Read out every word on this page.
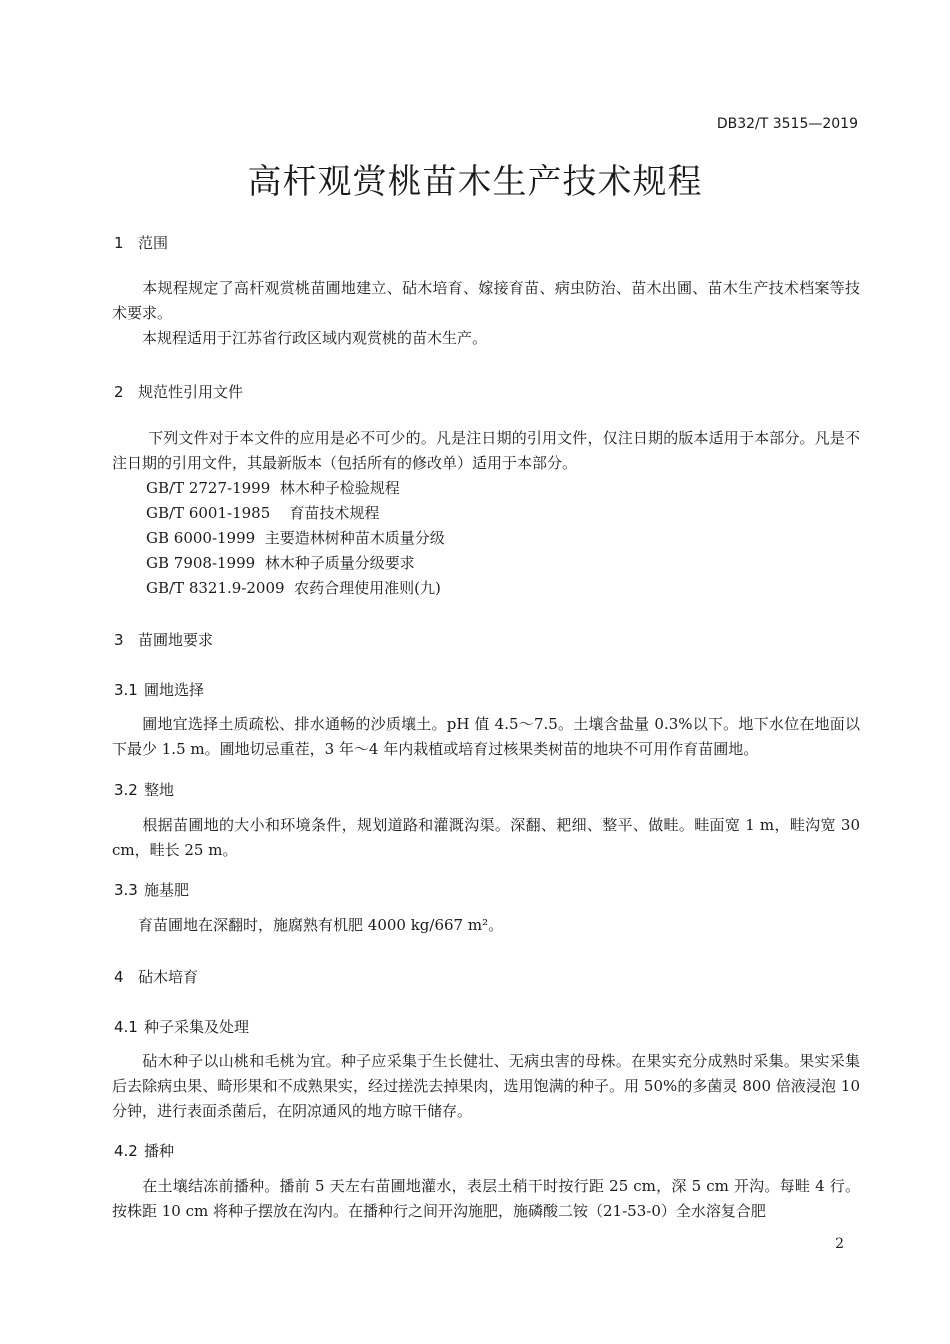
DB32/T 3515—2019
高杆观赏桃苗木生产技术规程
1 范围
本规程规定了高杆观赏桃苗圃地建立、砧木培育、嫁接育苗、病虫防治、苗木出圃、苗木生产技术档案等技术要求。
本规程适用于江苏省行政区域内观赏桃的苗木生产。
2 规范性引用文件
下列文件对于本文件的应用是必不可少的。凡是注日期的引用文件，仅注日期的版本适用于本部分。凡是不注日期的引用文件，其最新版本（包括所有的修改单）适用于本部分。
GB/T 2727-1999  林木种子检验规程
GB/T 6001-1985    育苗技术规程
GB 6000-1999  主要造林树种苗木质量分级
GB 7908-1999  林木种子质量分级要求
GB/T 8321.9-2009  农药合理使用准则(九)
3 苗圃地要求
3.1 圃地选择
圃地宜选择土质疏松、排水通畅的沙质壤土。pH 值 4.5～7.5。土壤含盐量 0.3%以下。地下水位在地面以下最少 1.5 m。圃地切忌重茬，3 年～4 年内栽植或培育过核果类树苗的地块不可用作育苗圃地。
3.2 整地
根据苗圃地的大小和环境条件，规划道路和灌溉沟渠。深翻、耙细、整平、做畦。畦面宽 1 m，畦沟宽 30 cm，畦长 25 m。
3.3 施基肥
育苗圃地在深翻时，施腐熟有机肥 4000 kg/667 m²。
4 砧木培育
4.1 种子采集及处理
砧木种子以山桃和毛桃为宜。种子应采集于生长健壮、无病虫害的母株。在果实充分成熟时采集。果实采集后去除病虫果、畸形果和不成熟果实，经过搓洗去掉果肉，选用饱满的种子。用 50%的多菌灵 800 倍液浸泡 10 分钟，进行表面杀菌后，在阴凉通风的地方晾干储存。
4.2 播种
在土壤结冻前播种。播前 5 天左右苗圃地灌水，表层土稍干时按行距 25 cm，深 5 cm 开沟。每畦 4 行。按株距 10 cm 将种子摆放在沟内。在播种行之间开沟施肥，施磷酸二铵（21-53-0）全水溶复合肥
2
